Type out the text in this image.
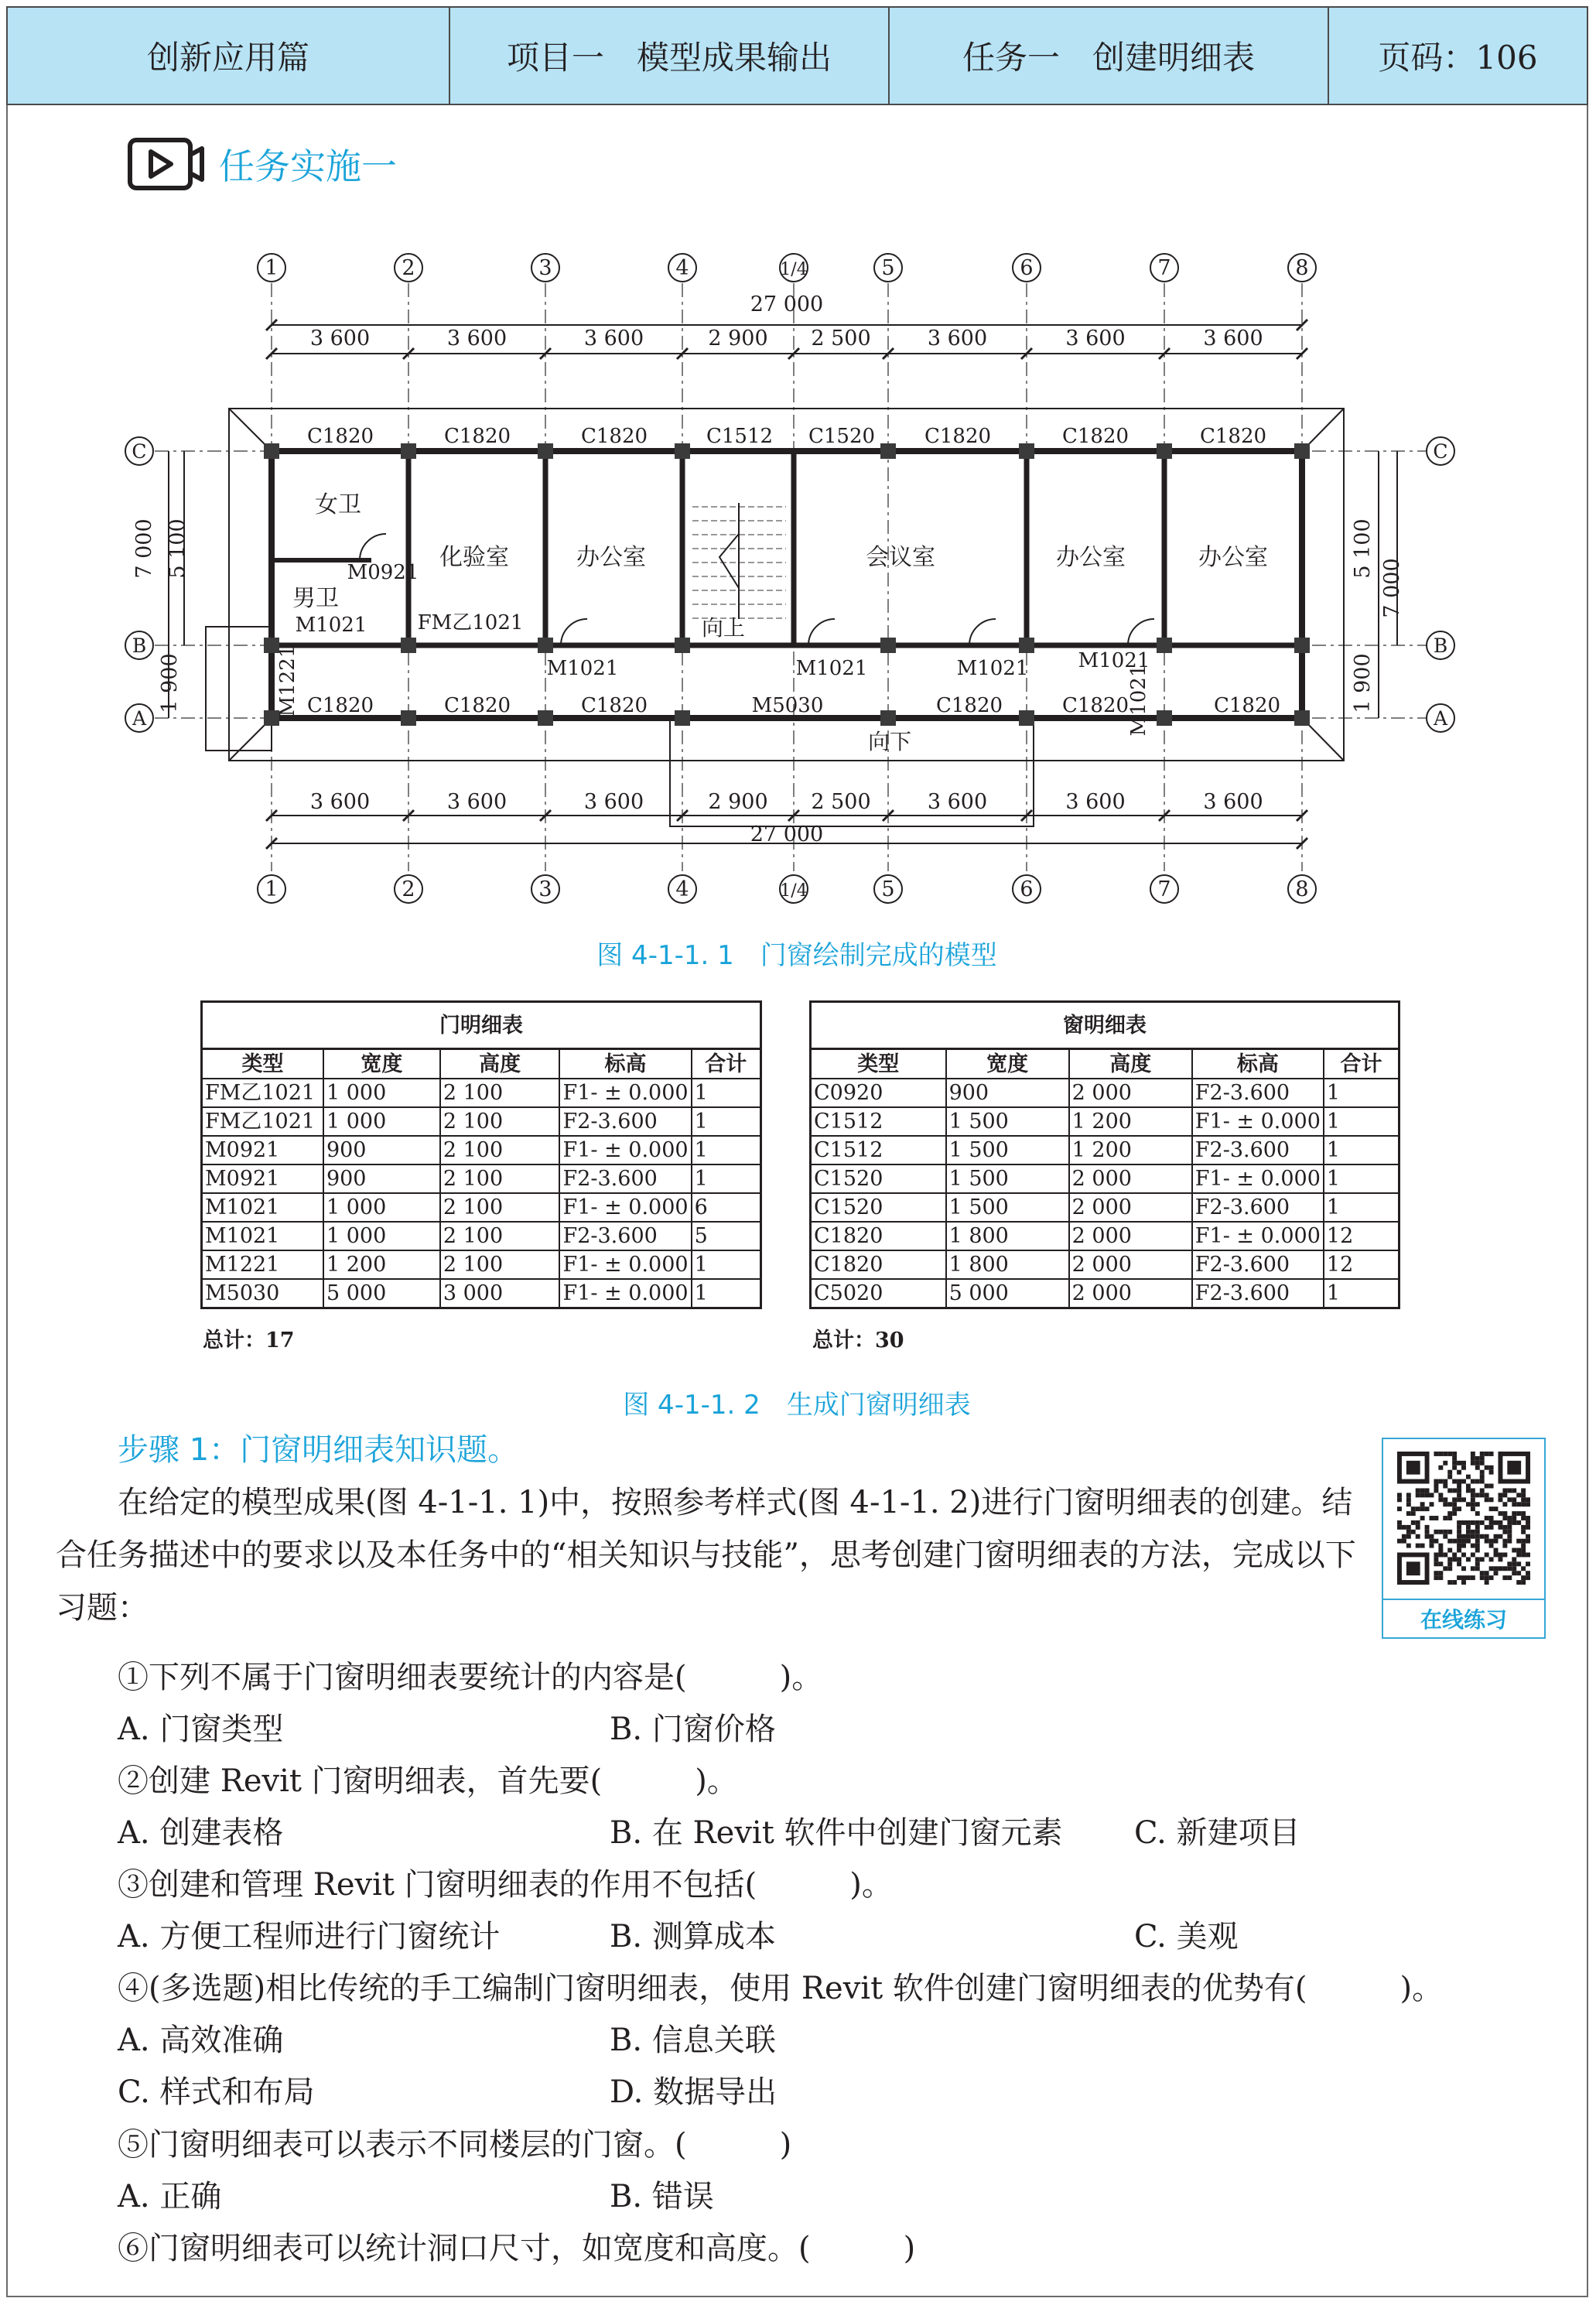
创新应用篇	项目一　模型成果输出	任务一　创建明细表	页码：106
任务实施一
1
1
2
2
3
3
4
4
1/4
1/4
5
5
6
6
7
7
8
8
C	C
B	B
A	A
3 600
3 600
3 600
3 600
3 600
3 600
2 900
2 900
2 500
2 500
3 600
3 600
3 600
3 600
3 600
3 600
27 000
27 000
5 100
7 000
1 900
5 100
7 000
1 900
C1820	C1820	C1820	C1512 C1520 C1820	C1820	C1820
C1820	C1820	C1820	M5030	C1820	C1820	C1820
女卫
化验室	办公室	会议室	办公室	办公室
男卫
M0921
M1021	FM乙1021
M1021	M1021	M1021 M1021
M1221	M1021
向上
向下
图 4-1-1. 1　门窗绘制完成的模型
门明细表				
类型	宽度	高度	标高	合计
FM乙1021	1 000	2 100	F1- ± 0.000	1
FM乙1021	1 000	2 100	F2-3.600	1
M0921	900	2 100	F1- ± 0.000	1
M0921	900	2 100	F2-3.600	1
M1021	1 000	2 100	F1- ± 0.000	6
M1021	1 000	2 100	F2-3.600	5
M1221	1 200	2 100	F1- ± 0.000	1
M5030	5 000	3 000	F1- ± 0.000	1
总计：17
窗明细表				
类型	宽度	高度	标高	合计
C0920	900	2 000	F2-3.600	1
C1512	1 500	1 200	F1- ± 0.000	1
C1512	1 500	1 200	F2-3.600	1
C1520	1 500	2 000	F1- ± 0.000	1
C1520	1 500	2 000	F2-3.600	1
C1820	1 800	2 000	F1- ± 0.000	12
C1820	1 800	2 000	F2-3.600	12
C5020	5 000	2 000	F2-3.600	1
总计：30
图 4-1-1. 2　生成门窗明细表
步骤 1：门窗明细表知识题。
在给定的模型成果(图 4-1-1. 1)中，按照参考样式(图 4-1-1. 2)进行门窗明细表的创建。结合任务描述中的要求以及本任务中的“相关知识与技能”，思考创建门窗明细表的方法，完成以下习题：	在线练习
①下列不属于门窗明细表要统计的内容是(　　　)。
A. 门窗类型	B. 门窗价格
②创建 Revit 门窗明细表，首先要(　　　)。
A. 创建表格	B. 在 Revit 软件中创建门窗元素 C. 新建项目
③创建和管理 Revit 门窗明细表的作用不包括(　　　)。
A. 方便工程师进行门窗统计	B. 测算成本	C. 美观
④(多选题)相比传统的手工编制门窗明细表，使用 Revit 软件创建门窗明细表的优势有(　　　)。
A. 高效准确	B. 信息关联
C. 样式和布局	D. 数据导出
⑤门窗明细表可以表示不同楼层的门窗。(　　　)
A. 正确	B. 错误
⑥门窗明细表可以统计洞口尺寸，如宽度和高度。(　　　)
